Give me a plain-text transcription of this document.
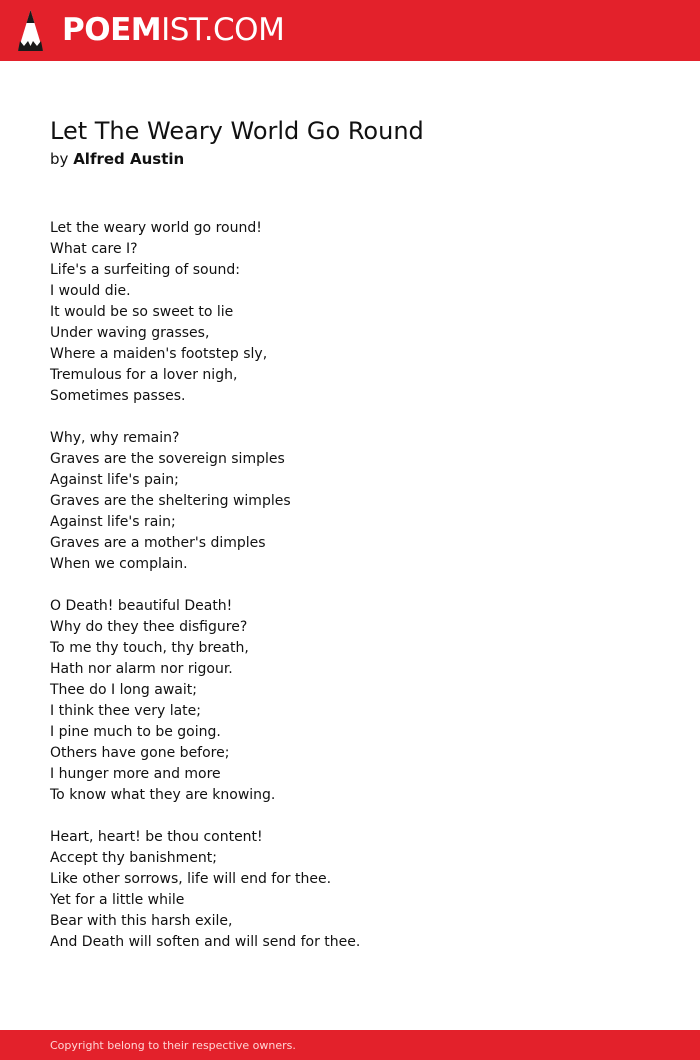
POEMIST.COM
Let The Weary World Go Round
by Alfred Austin
Let the weary world go round!
What care I?
Life's a surfeiting of sound:
I would die.
It would be so sweet to lie
Under waving grasses,
Where a maiden's footstep sly,
Tremulous for a lover nigh,
Sometimes passes.
Why, why remain?
Graves are the sovereign simples
Against life's pain;
Graves are the sheltering wimples
Against life's rain;
Graves are a mother's dimples
When we complain.
O Death! beautiful Death!
Why do they thee disfigure?
To me thy touch, thy breath,
Hath nor alarm nor rigour.
Thee do I long await;
I think thee very late;
I pine much to be going.
Others have gone before;
I hunger more and more
To know what they are knowing.
Heart, heart! be thou content!
Accept thy banishment;
Like other sorrows, life will end for thee.
Yet for a little while
Bear with this harsh exile,
And Death will soften and will send for thee.
Copyright belong to their respective owners.
